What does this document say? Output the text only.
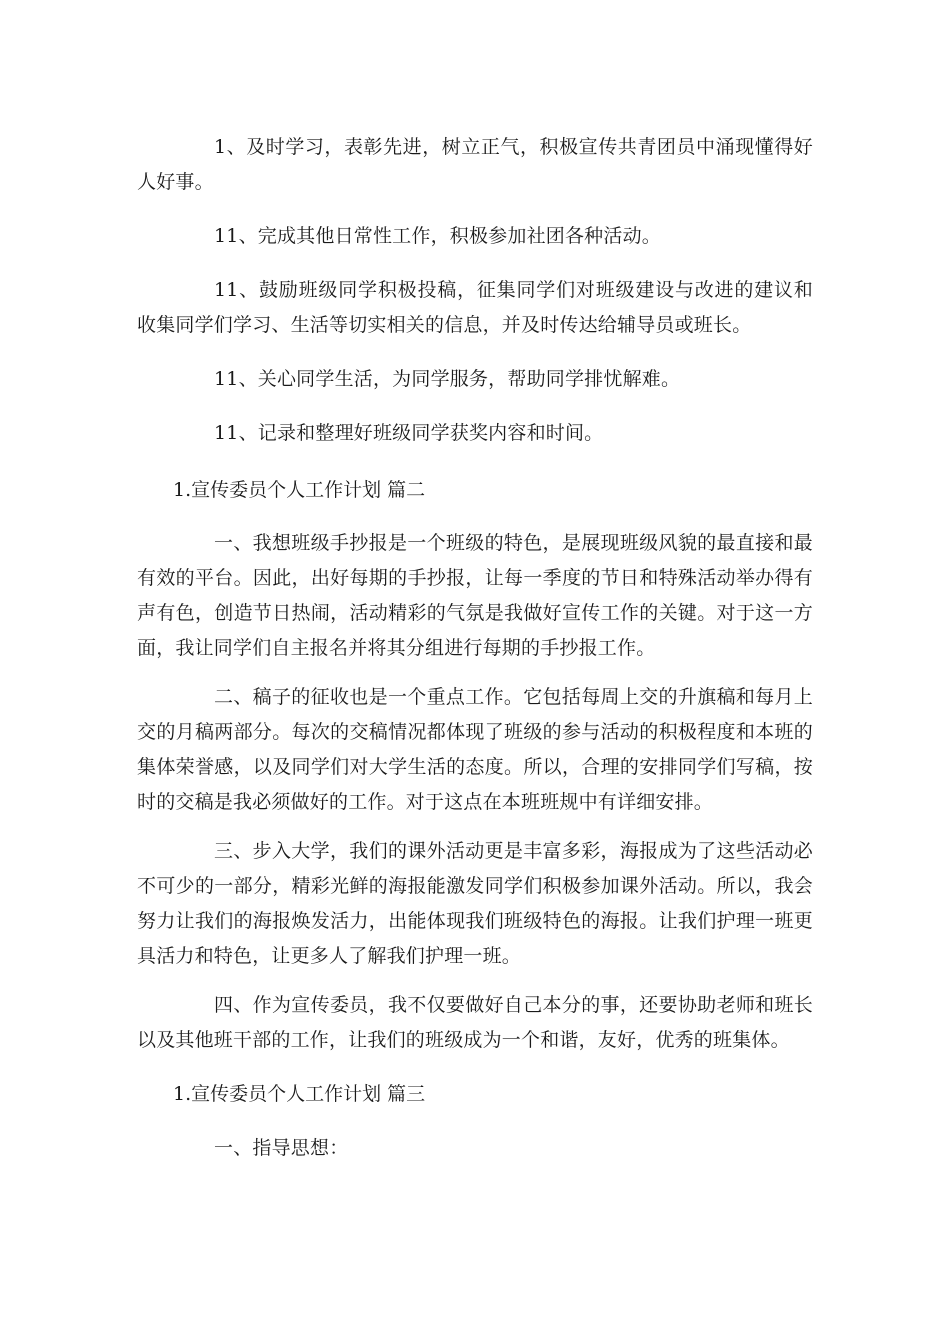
1、及时学习，表彰先进，树立正气，积极宣传共青团员中涌现懂得好人好事。

11、完成其他日常性工作，积极参加社团各种活动。

11、鼓励班级同学积极投稿，征集同学们对班级建设与改进的建议和收集同学们学习、生活等切实相关的信息，并及时传达给辅导员或班长。

11、关心同学生活，为同学服务，帮助同学排忧解难。

11、记录和整理好班级同学获奖内容和时间。

1.宣传委员个人工作计划 篇二

一、我想班级手抄报是一个班级的特色，是展现班级风貌的最直接和最有效的平台。因此，出好每期的手抄报，让每一季度的节日和特殊活动举办得有声有色，创造节日热闹，活动精彩的气氛是我做好宣传工作的关键。对于这一方面，我让同学们自主报名并将其分组进行每期的手抄报工作。

二、稿子的征收也是一个重点工作。它包括每周上交的升旗稿和每月上交的月稿两部分。每次的交稿情况都体现了班级的参与活动的积极程度和本班的集体荣誉感，以及同学们对大学生活的态度。所以，合理的安排同学们写稿，按时的交稿是我必须做好的工作。对于这点在本班班规中有详细安排。

三、步入大学，我们的课外活动更是丰富多彩，海报成为了这些活动必不可少的一部分，精彩光鲜的海报能激发同学们积极参加课外活动。所以，我会努力让我们的海报焕发活力，出能体现我们班级特色的海报。让我们护理一班更具活力和特色，让更多人了解我们护理一班。

四、作为宣传委员，我不仅要做好自己本分的事，还要协助老师和班长以及其他班干部的工作，让我们的班级成为一个和谐，友好，优秀的班集体。

1.宣传委员个人工作计划 篇三

一、指导思想：
